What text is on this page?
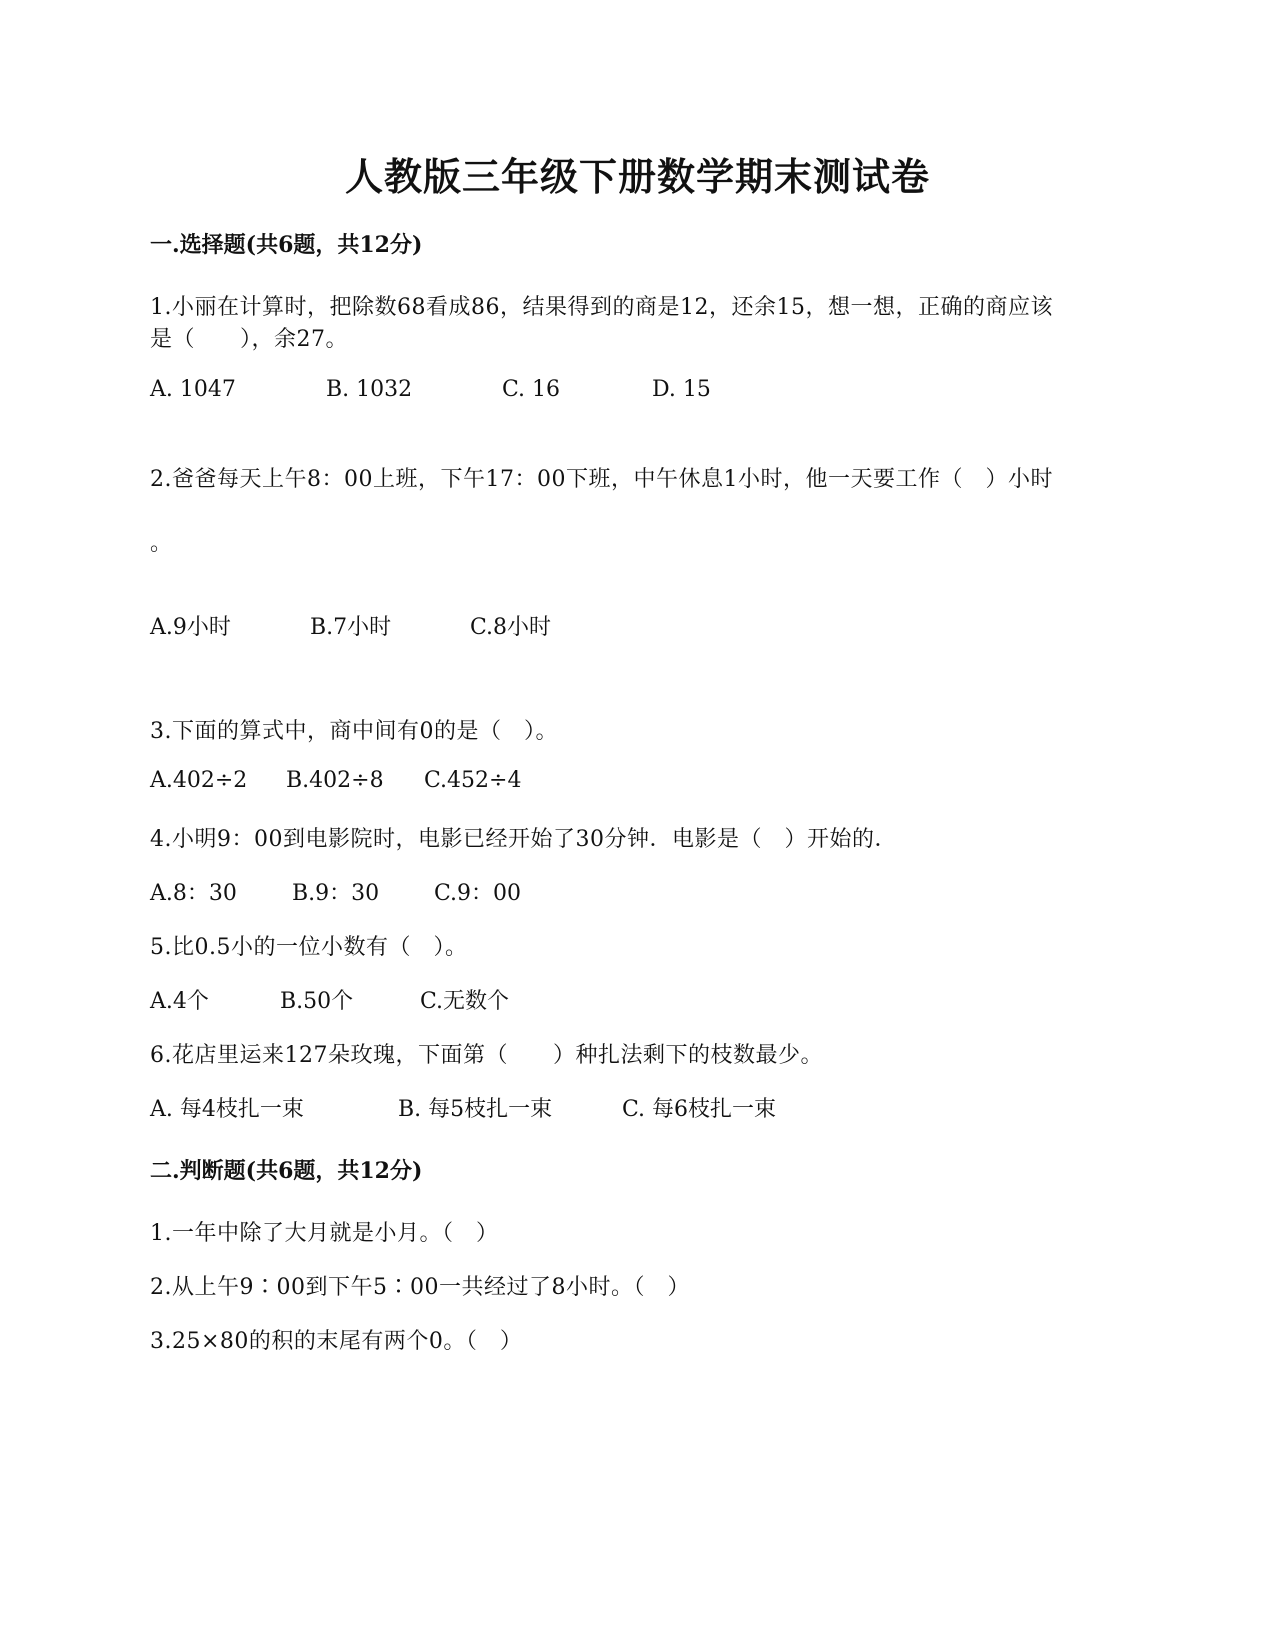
人教版三年级下册数学期末测试卷
一.选择题(共6题，共12分)
1.小丽在计算时，把除数68看成86，结果得到的商是12，还余15，想一想，正确的商应该
是（　　），余27。
A. 1047	B. 1032	C. 16	D. 15
2.爸爸每天上午8：00上班，下午17：00下班，中午休息1小时，他一天要工作（　）小时
。
A.9小时	B.7小时	C.8小时
3.下面的算式中，商中间有0的是（　）。
A.402÷2 B.402÷8 C.452÷4
4.小明9：00到电影院时，电影已经开始了30分钟．电影是（　）开始的．
A.8：30	B.9：30 C.9：00
5.比0.5小的一位小数有（　）。
A.4个	B.50个	C.无数个
6.花店里运来127朵玫瑰，下面第（　　）种扎法剩下的枝数最少。
A. 每4枝扎一束	B. 每5枝扎一束	C. 每6枝扎一束
二.判断题(共6题，共12分)
1.一年中除了大月就是小月。（　）
2.从上午9∶00到下午5∶00一共经过了8小时。（　）
3.25×80的积的末尾有两个0。（　）
